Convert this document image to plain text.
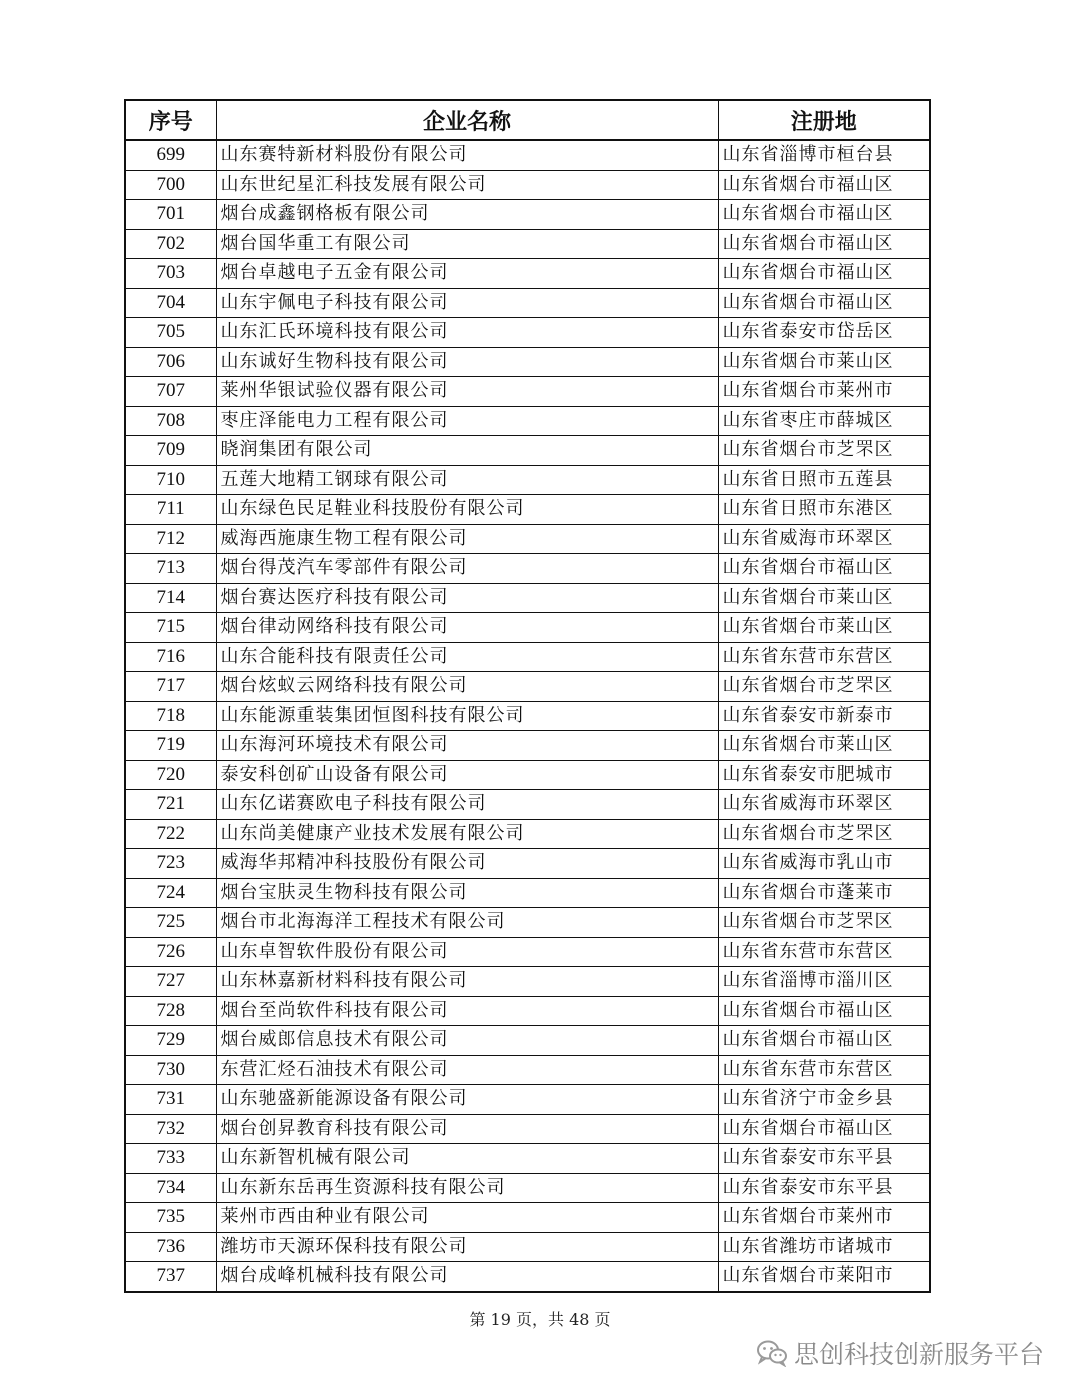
序号	企业名称	注册地
699	山东赛特新材料股份有限公司	山东省淄博市桓台县
700	山东世纪星汇科技发展有限公司	山东省烟台市福山区
701	烟台成鑫钢格板有限公司	山东省烟台市福山区
702	烟台国华重工有限公司	山东省烟台市福山区
703	烟台卓越电子五金有限公司	山东省烟台市福山区
704	山东宇佩电子科技有限公司	山东省烟台市福山区
705	山东汇氏环境科技有限公司	山东省泰安市岱岳区
706	山东诚好生物科技有限公司	山东省烟台市莱山区
707	莱州华银试验仪器有限公司	山东省烟台市莱州市
708	枣庄泽能电力工程有限公司	山东省枣庄市薛城区
709	晓润集团有限公司	山东省烟台市芝罘区
710	五莲大地精工钢球有限公司	山东省日照市五莲县
711	山东绿色民足鞋业科技股份有限公司	山东省日照市东港区
712	威海西施康生物工程有限公司	山东省威海市环翠区
713	烟台得茂汽车零部件有限公司	山东省烟台市福山区
714	烟台赛达医疗科技有限公司	山东省烟台市莱山区
715	烟台律动网络科技有限公司	山东省烟台市莱山区
716	山东合能科技有限责任公司	山东省东营市东营区
717	烟台炫蚁云网络科技有限公司	山东省烟台市芝罘区
718	山东能源重装集团恒图科技有限公司	山东省泰安市新泰市
719	山东海河环境技术有限公司	山东省烟台市莱山区
720	泰安科创矿山设备有限公司	山东省泰安市肥城市
721	山东亿诺赛欧电子科技有限公司	山东省威海市环翠区
722	山东尚美健康产业技术发展有限公司	山东省烟台市芝罘区
723	威海华邦精冲科技股份有限公司	山东省威海市乳山市
724	烟台宝肤灵生物科技有限公司	山东省烟台市蓬莱市
725	烟台市北海海洋工程技术有限公司	山东省烟台市芝罘区
726	山东卓智软件股份有限公司	山东省东营市东营区
727	山东林嘉新材料科技有限公司	山东省淄博市淄川区
728	烟台至尚软件科技有限公司	山东省烟台市福山区
729	烟台威郎信息技术有限公司	山东省烟台市福山区
730	东营汇烃石油技术有限公司	山东省东营市东营区
731	山东驰盛新能源设备有限公司	山东省济宁市金乡县
732	烟台创昇教育科技有限公司	山东省烟台市福山区
733	山东新智机械有限公司	山东省泰安市东平县
734	山东新东岳再生资源科技有限公司	山东省泰安市东平县
735	莱州市西由种业有限公司	山东省烟台市莱州市
736	潍坊市天源环保科技有限公司	山东省潍坊市诸城市
737	烟台成峰机械科技有限公司	山东省烟台市莱阳市
第 19 页，共 48 页
思创科技创新服务平台
